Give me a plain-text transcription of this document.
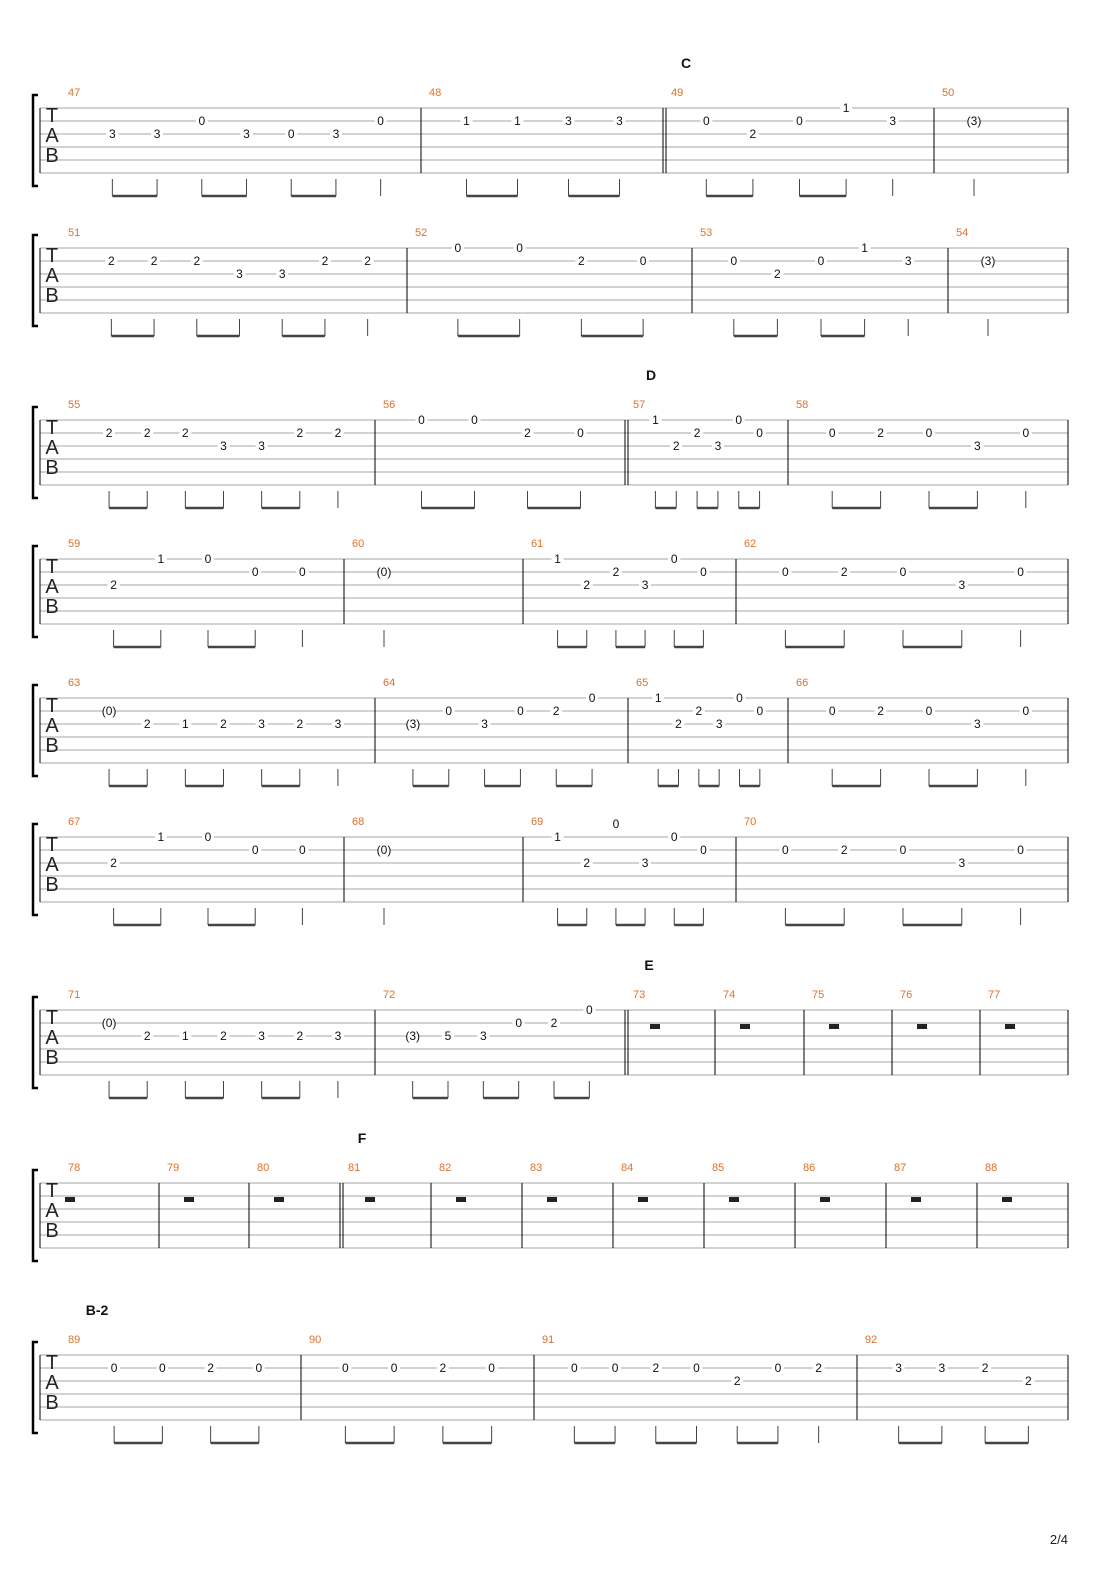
T
A
B
C
47
3	3
0
3	0	3
0
48
1	1	3	3
49
0
2
0
1
3
50
(3)
T
A
B
51
2	2	2
3	3
2	2
52
0	0
2	0
53
0
2
0
1
3
54
(3)
T
A
B
D
55
2	2	2
3	3
2	2
56
0	0
2	0
57
1
2
2
3
0
0
58
0	2	0
3
0
T
A
B
59
2
1	0
0	0
60
(0)
61
1
2
2
3
0
0
62
0	2	0
3
0
T
A
B
63
(0)
2	1	2	3	2	3
64
(3)
0
3
0 2
0
65
1
2
2
3
0
0
66
0	2	0
3
0
T
A
B
67
2
1	0
0	0
68
(0)
69
1
2
0
3
0
0
70
0	2	0
3
0
T
A
B
E
71
(0)
2	1	2	3	2	3
72
(3) 5 3
0 2
0
73	74	75	76	77
T
A
B
F
78	79	80	81	82	83	84	85	86	87	88
T
A
B
B-2
89
0	0	2	0
90
0	0	2	0
91
0	0	2	0
2
0	2
92
3	3	2
2
2/4
